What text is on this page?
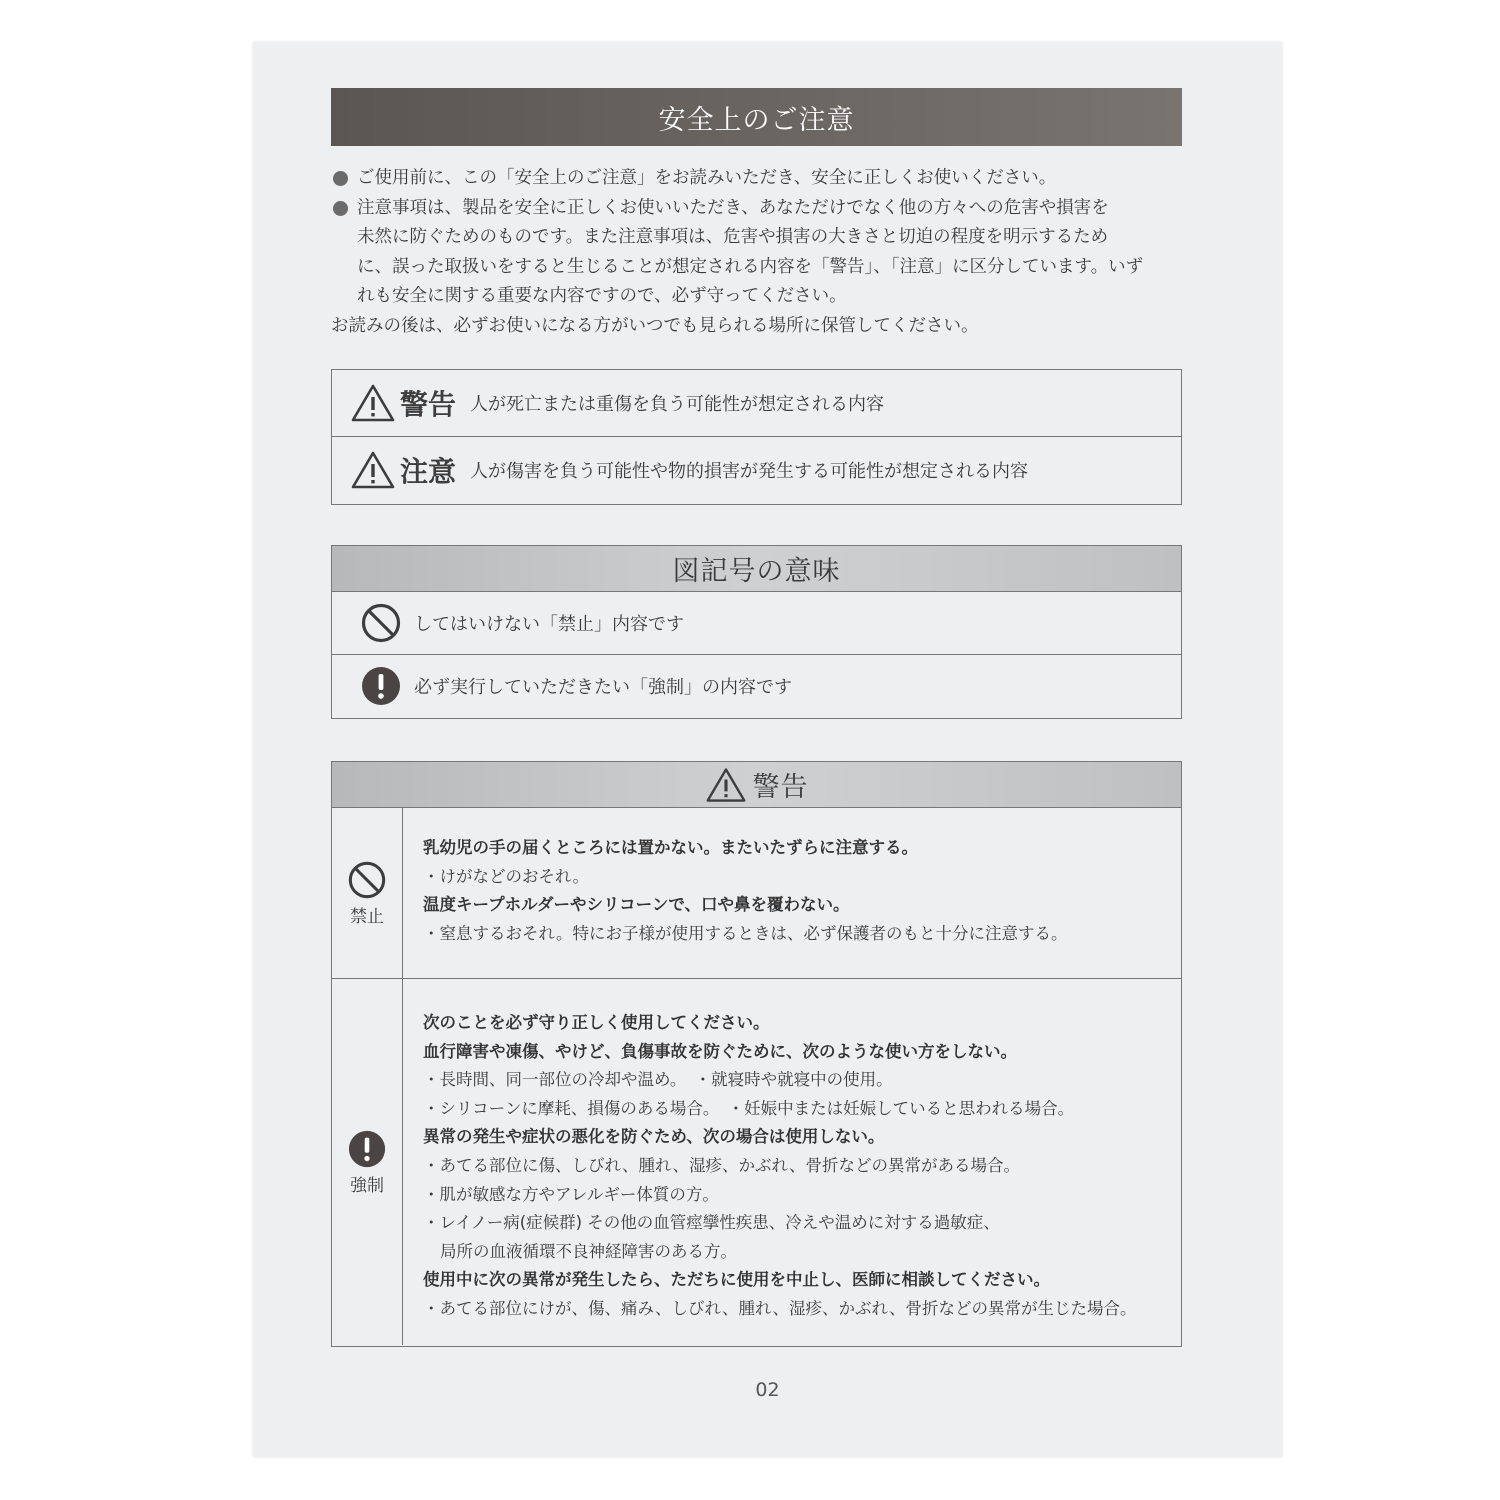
安全上のご注意
ご使用前に、この「安全上のご注意」をお読みいただき、安全に正しくお使いください。
注意事項は、製品を安全に正しくお使いいただき、あなただけでなく他の方々への危害や損害を
未然に防ぐためのものです。また注意事項は、危害や損害の大きさと切迫の程度を明示するため
に、誤った取扱いをすると生じることが想定される内容を「警告」、「注意」に区分しています。いず
れも安全に関する重要な内容ですので、必ず守ってください。
お読みの後は、必ずお使いになる方がいつでも見られる場所に保管してください。
警告 人が死亡または重傷を負う可能性が想定される内容
注意 人が傷害を負う可能性や物的損害が発生する可能性が想定される内容
図記号の意味
してはいけない「禁止」内容です
必ず実行していただきたい「強制」の内容です
警告
禁止
乳幼児の手の届くところには置かない。またいたずらに注意する。
・けがなどのおそれ。
温度キープホルダーやシリコーンで、口や鼻を覆わない。
・窒息するおそれ。特にお子様が使用するときは、必ず保護者のもと十分に注意する。
強制
次のことを必ず守り正しく使用してください。
血行障害や凍傷、やけど、負傷事故を防ぐために、次のような使い方をしない。
・長時間、同一部位の冷却や温め。　・就寝時や就寝中の使用。
・シリコーンに摩耗、損傷のある場合。　・妊娠中または妊娠していると思われる場合。
異常の発生や症状の悪化を防ぐため、次の場合は使用しない。
・あてる部位に傷、しびれ、腫れ、湿疹、かぶれ、骨折などの異常がある場合。
・肌が敏感な方やアレルギー体質の方。
・レイノー病(症候群) その他の血管痙攣性疾患、冷えや温めに対する過敏症、
局所の血液循環不良神経障害のある方。
使用中に次の異常が発生したら、ただちに使用を中止し、医師に相談してください。
・あてる部位にけが、傷、痛み、しびれ、腫れ、湿疹、かぶれ、骨折などの異常が生じた場合。
02
